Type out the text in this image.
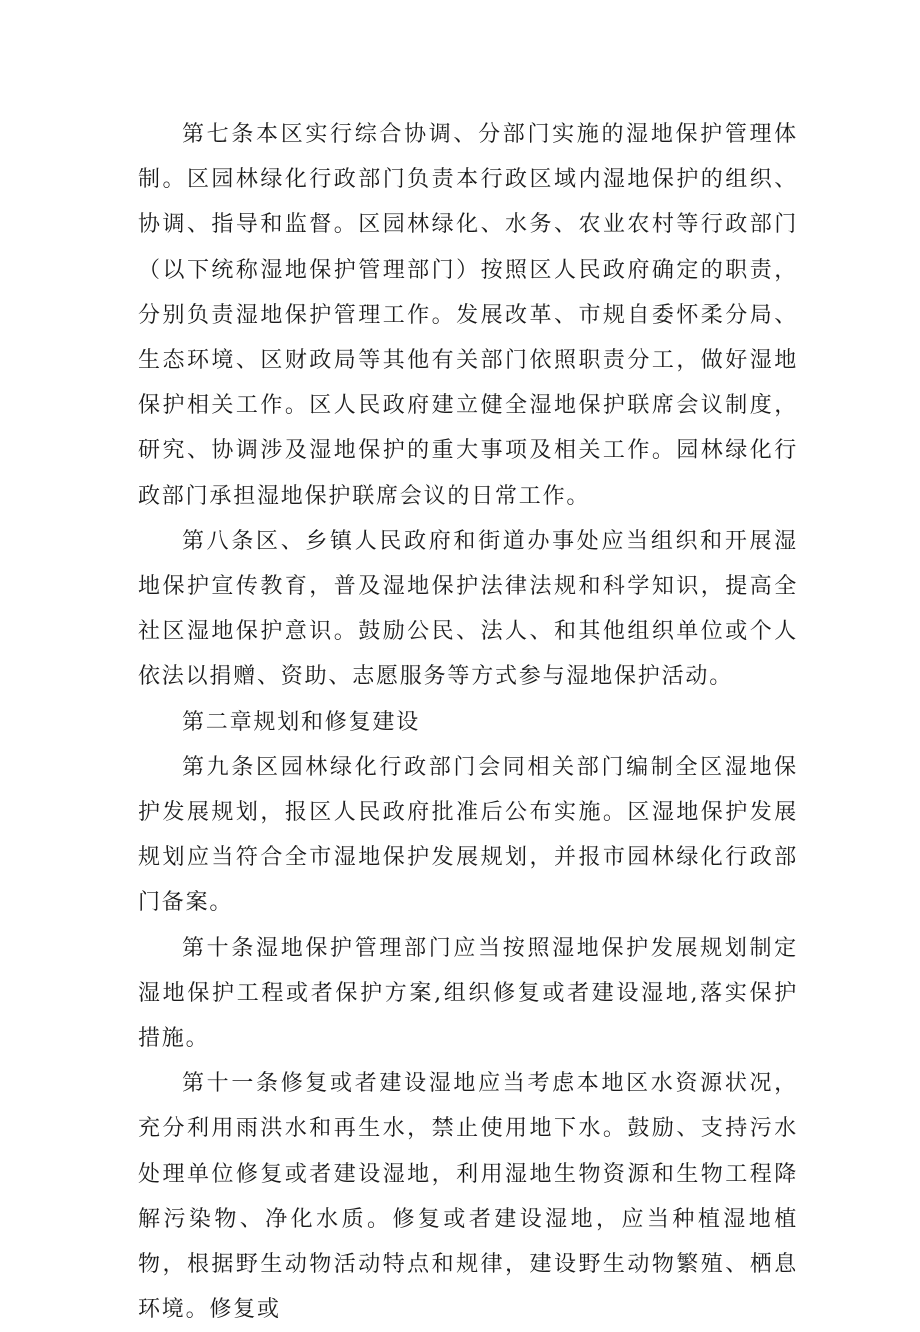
第七条本区实行综合协调、分部门实施的湿地保护管理体制。区园林绿化行政部门负责本行政区域内湿地保护的组织、协调、指导和监督。区园林绿化、水务、农业农村等行政部门（以下统称湿地保护管理部门）按照区人民政府确定的职责，分别负责湿地保护管理工作。发展改革、市规自委怀柔分局、生态环境、区财政局等其他有关部门依照职责分工，做好湿地保护相关工作。区人民政府建立健全湿地保护联席会议制度，研究、协调涉及湿地保护的重大事项及相关工作。园林绿化行政部门承担湿地保护联席会议的日常工作。

第八条区、乡镇人民政府和街道办事处应当组织和开展湿地保护宣传教育，普及湿地保护法律法规和科学知识，提高全社区湿地保护意识。鼓励公民、法人、和其他组织单位或个人依法以捐赠、资助、志愿服务等方式参与湿地保护活动。

第二章规划和修复建设

第九条区园林绿化行政部门会同相关部门编制全区湿地保护发展规划，报区人民政府批准后公布实施。区湿地保护发展规划应当符合全市湿地保护发展规划，并报市园林绿化行政部门备案。

第十条湿地保护管理部门应当按照湿地保护发展规划制定湿地保护工程或者保护方案,组织修复或者建设湿地,落实保护措施。

第十一条修复或者建设湿地应当考虑本地区水资源状况，充分利用雨洪水和再生水，禁止使用地下水。鼓励、支持污水处理单位修复或者建设湿地，利用湿地生物资源和生物工程降解污染物、净化水质。修复或者建设湿地，应当种植湿地植物，根据野生动物活动特点和规律，建设野生动物繁殖、栖息环境。修复或
